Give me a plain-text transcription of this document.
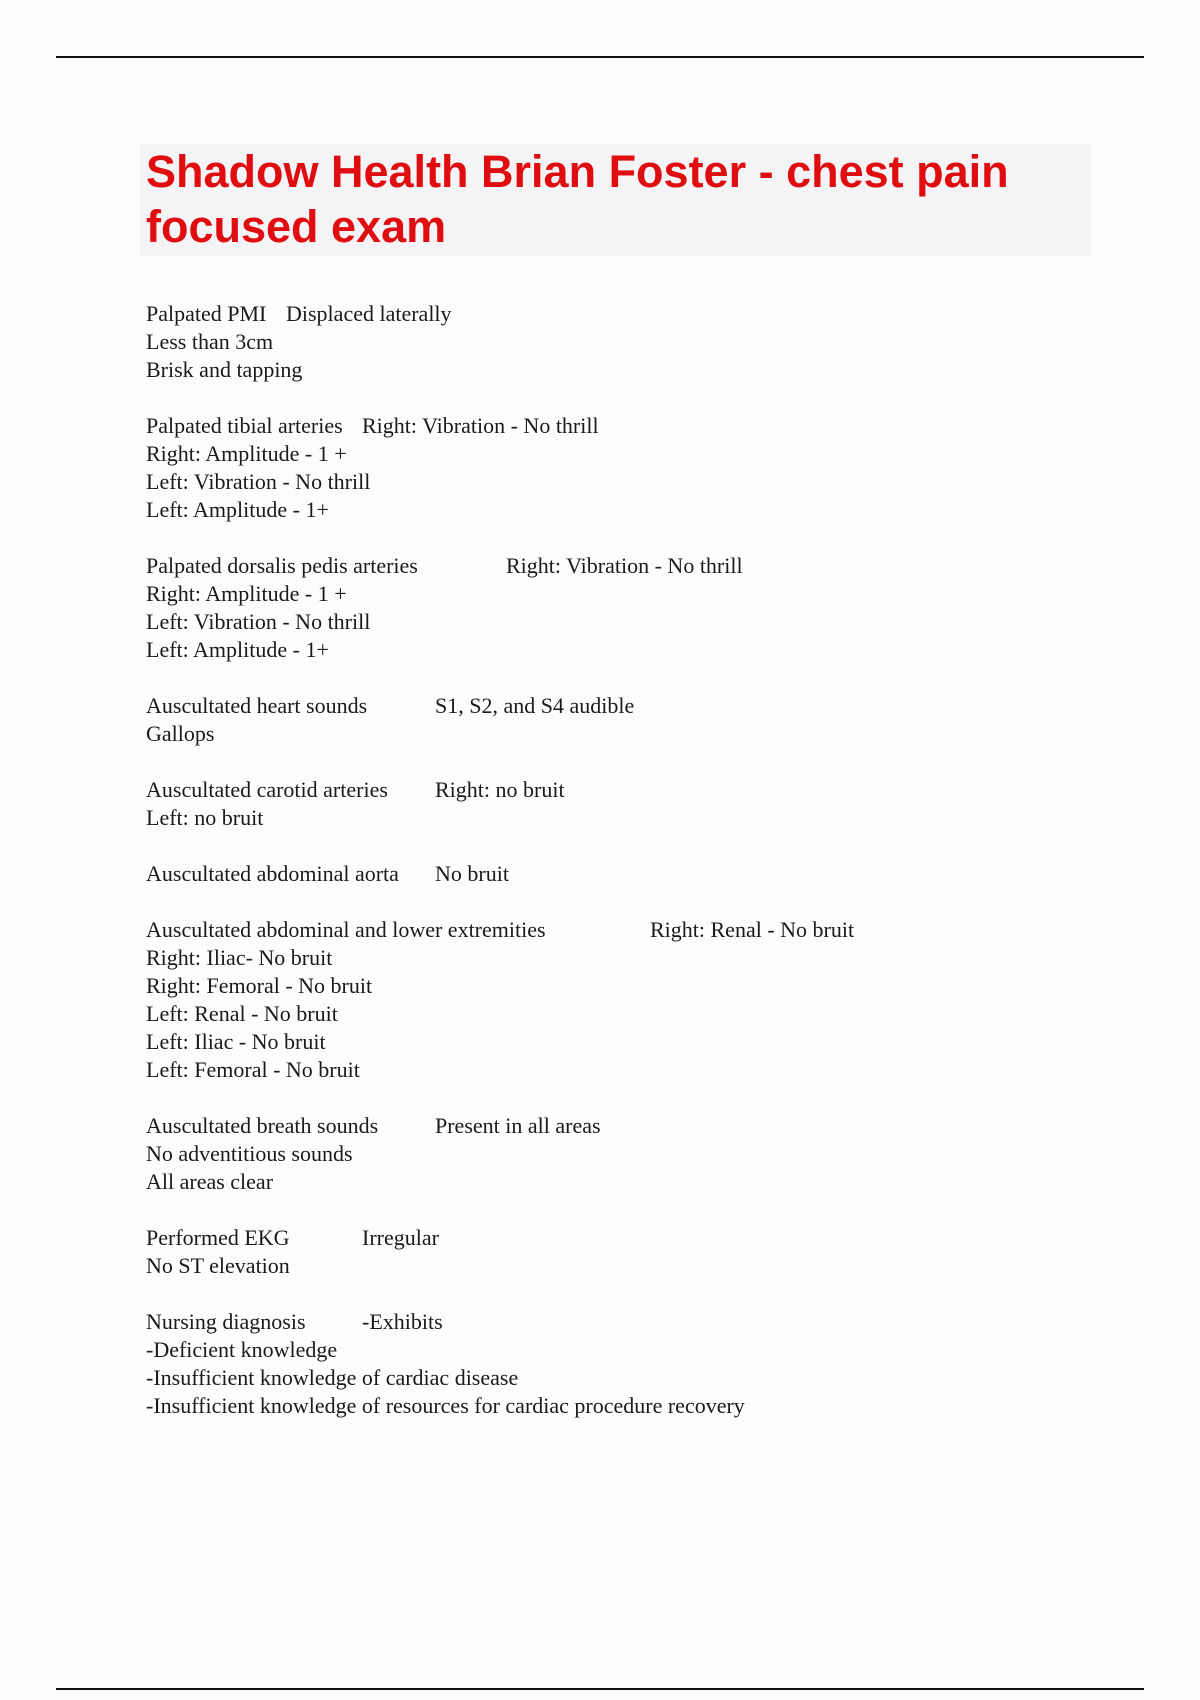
Shadow Health Brian Foster - chest pain focused exam
Palpated PMI Displaced laterally
Less than 3cm
Brisk and tapping
Palpated tibial arteries Right: Vibration - No thrill
Right: Amplitude - 1 +
Left: Vibration - No thrill
Left: Amplitude - 1+
Palpated dorsalis pedis arteries	Right: Vibration - No thrill
Right: Amplitude - 1 +
Left: Vibration - No thrill
Left: Amplitude - 1+
Auscultated heart sounds	S1, S2, and S4 audible
Gallops
Auscultated carotid arteries Right: no bruit
Left: no bruit
Auscultated abdominal aorta No bruit
Auscultated abdominal and lower extremities	Right: Renal - No bruit
Right: Iliac- No bruit
Right: Femoral - No bruit
Left: Renal - No bruit
Left: Iliac - No bruit
Left: Femoral - No bruit
Auscultated breath sounds	Present in all areas
No adventitious sounds
All areas clear
Performed EKG	Irregular
No ST elevation
Nursing diagnosis	-Exhibits
-Deficient knowledge
-Insufficient knowledge of cardiac disease
-Insufficient knowledge of resources for cardiac procedure recovery
